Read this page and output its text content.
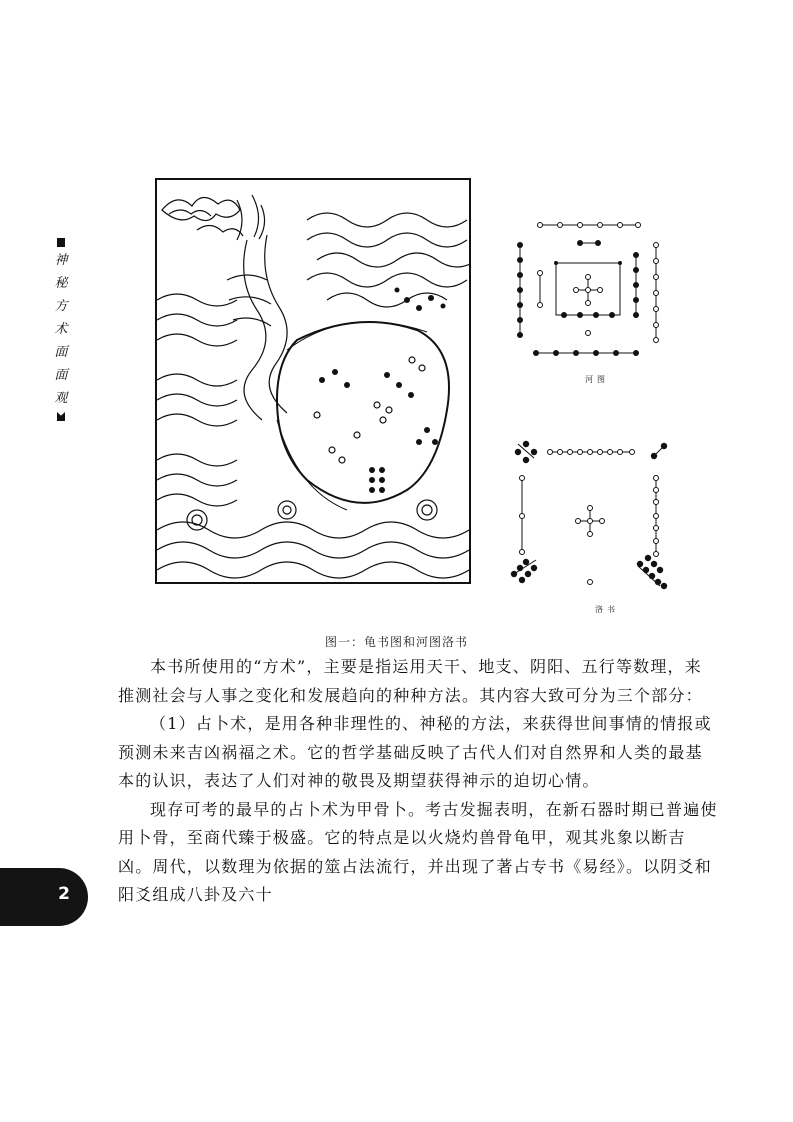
神
秘
方
术
面
面
观
河图
洛书
图一：龟书图和河图洛书

本书所使用的“方术”，主要是指运用天干、地支、阴阳、五行等数理，来推测社会与人事之变化和发展趋向的种种方法。其内容大致可分为三个部分：

（1）占卜术，是用各种非理性的、神秘的方法，来获得世间事情的情报或预测未来吉凶祸福之术。它的哲学基础反映了古代人们对自然界和人类的最基本的认识，表达了人们对神的敬畏及期望获得神示的迫切心情。

现存可考的最早的占卜术为甲骨卜。考古发掘表明，在新石器时期已普遍使用卜骨，至商代臻于极盛。它的特点是以火烧灼兽骨龟甲，观其兆象以断吉凶。周代，以数理为依据的筮占法流行，并出现了著占专书《易经》。以阴爻和阳爻组成八卦及六十

2
